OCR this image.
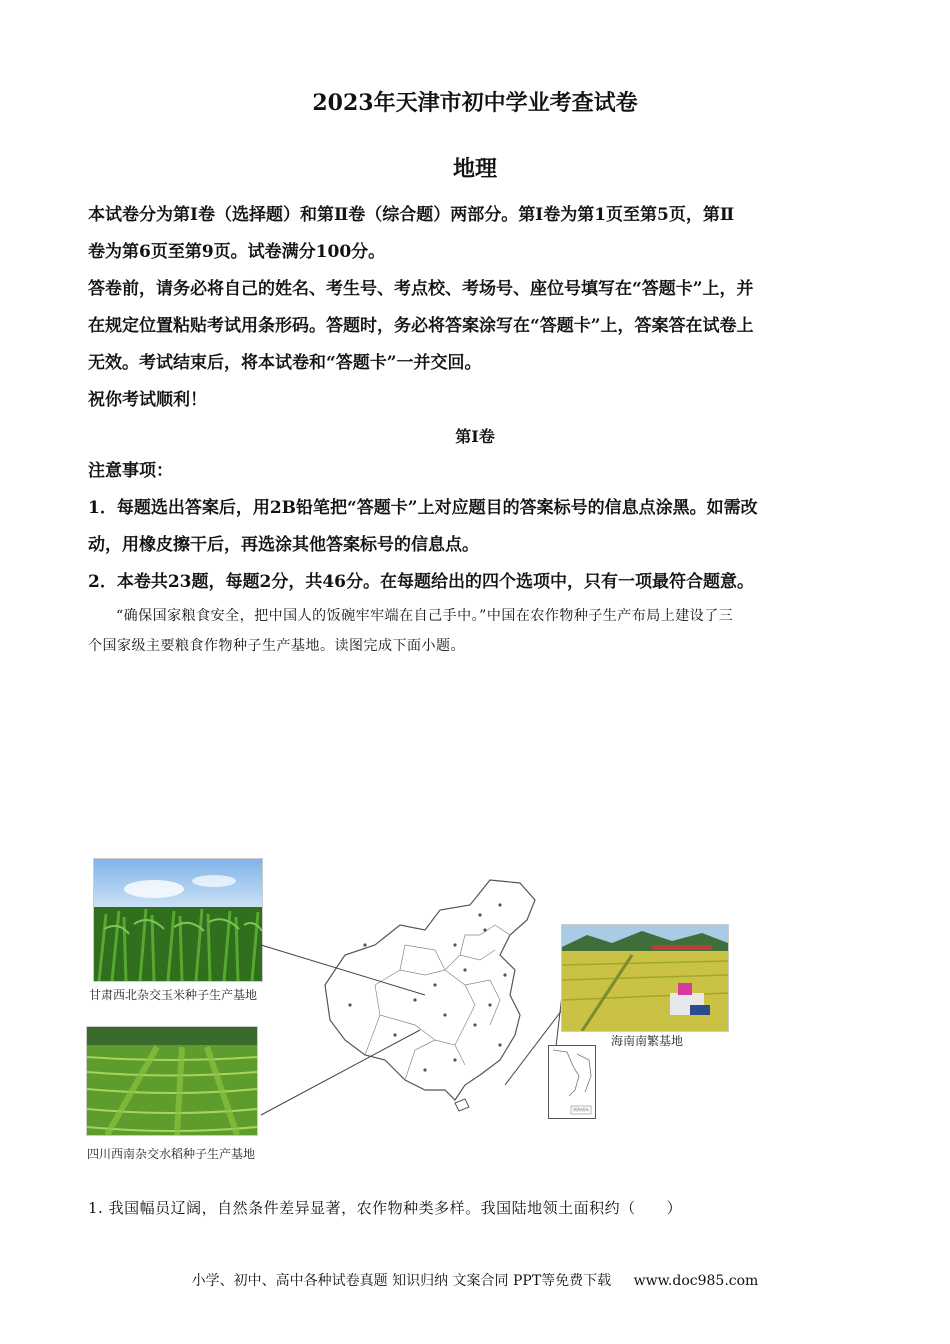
2023年天津市初中学业考查试卷
地理
本试卷分为第Ⅰ卷（选择题）和第Ⅱ卷（综合题）两部分。第Ⅰ卷为第1页至第5页，第Ⅱ
卷为第6页至第9页。试卷满分100分。
答卷前，请务必将自己的姓名、考生号、考点校、考场号、座位号填写在“答题卡”上，并
在规定位置粘贴考试用条形码。答题时，务必将答案涂写在“答题卡”上，答案答在试卷上
无效。考试结束后，将本试卷和“答题卡”一并交回。
祝你考试顺利！
第Ⅰ卷
注意事项：
1．每题选出答案后，用2B铅笔把“答题卡”上对应题目的答案标号的信息点涂黑。如需改
动，用橡皮擦干后，再选涂其他答案标号的信息点。
2．本卷共23题，每题2分，共46分。在每题给出的四个选项中，只有一项最符合题意。
“确保国家粮食安全，把中国人的饭碗牢牢端在自己手中。”中国在农作物种子生产布局上建设了三
个国家级主要粮食作物种子生产基地。读图完成下面小题。
甘肃西北杂交玉米种子生产基地
四川西南杂交水稻种子生产基地
海南南繁基地
南海诸岛
1. 我国幅员辽阔，自然条件差异显著，农作物种类多样。我国陆地领土面积约（　　）
小学、初中、高中各种试卷真题 知识归纳 文案合同 PPT等免费下载 www.doc985.com
